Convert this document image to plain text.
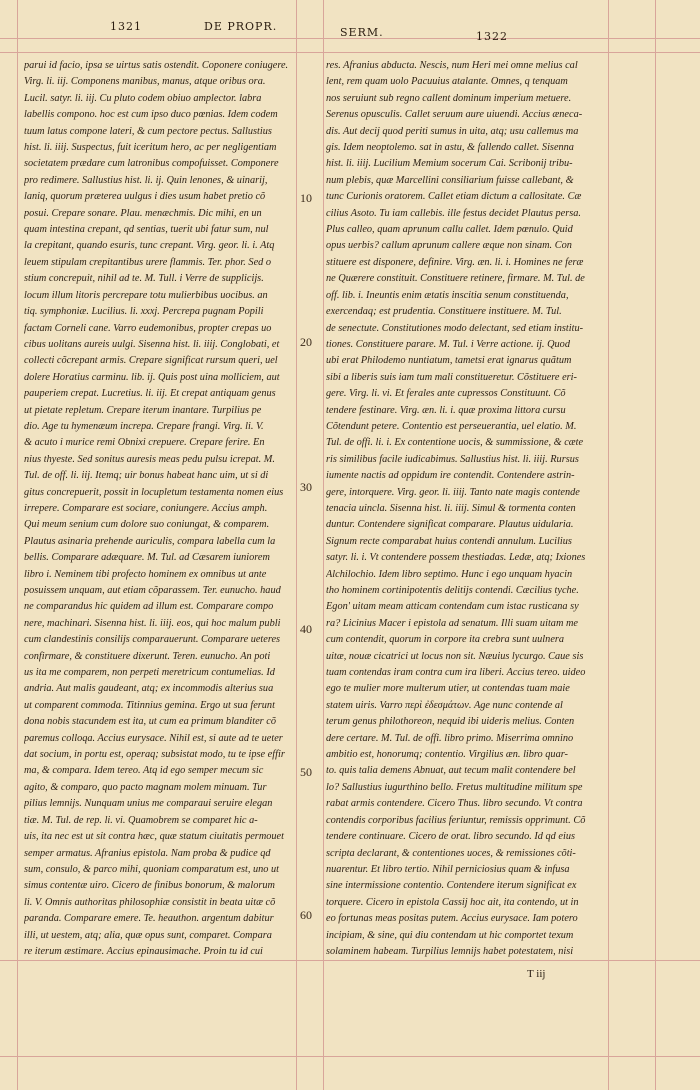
1321	DE PROPR.	SERM.	1322
10
20
30
40
50
60

parui id facio, ipsa se uirtus satis ostendit. Coponere coniugere.

Virg. li. iij. Componens manibus, manus, atque oribus ora.

Lucil. satyr. li. iij. Cu pluto codem obiuo amplector. labra

labellis compono. hoc est cum ipso duco pœnias. Idem codem

tuum latus compone lateri, & cum pectore pectus. Sallustius

hist. li. iiij. Suspectus, fuit iceritum hero, ac per negligentiam

societatem prædare cum latronibus compofuisset. Componere

pro redimere. Sallustius hist. li. ij. Quin lenones, & uinarij,

laniq, quorum præterea uulgus i dies usum habet pretio cõ

posui. Crepare sonare. Plau. menæchmis. Dic mihi, en un

quam intestina crepant, qd sentias, tuerit ubi fatur sum, nul

la crepitant, quando esuris, tunc crepant. Virg. geor. li. i. Atq

leuem stipulam crepitantibus urere flammis. Ter. phor. Sed o

stium concrepuit, nihil ad te. M. Tull. i Verre de supplicijs.

locum illum litoris percrepare totu mulierbibus uocibus. an

tiq. symphoniæ. Lucilius. li. xxxj. Percrepa pugnam Popili

factam Corneli cane. Varro eudemonibus, propter crepas uo

cibus uolitans aureis uulgi. Sisenna hist. li. iiij. Conglobati, et

collecti cõcrepant armis. Crepare significat rursum queri, uel

dolere Horatius carminu. lib. ij. Quis post uina molliciem, aut

pauperiem crepat. Lucretius. li. iij. Et crepat antiquam genus

ut pietate repletum. Crepare iterum inantare. Turpilius pe

dio. Age tu hymenæum increpa. Crepare frangi. Virg. li. V.

& acuto i murice remi Obnixi crepuere. Crepare ferire. En

nius thyeste. Sed sonitus auresis meas pedu pulsu icrepat. M.

Tul. de off. li. iij. Itemq; uir bonus habeat hanc uim, ut si di

gitus concrepuerit, possit in locupletum testamenta nomen eius

irrepere. Comparare est sociare, coniungere. Accius amph.

Qui meum senium cum dolore suo coniungat, & comparem.

Plautus asinaria prehende auriculis, compara labella cum la

bellis. Comparare adæquare. M. Tul. ad Cæsarem iuniorem

libro i. Neminem tibi profecto hominem ex omnibus ut ante

posuissem unquam, aut etiam cõparassem. Ter. eunucho. haud

ne comparandus hic quidem ad illum est. Comparare compo

nere, machinari. Sisenna hist. li. iiij. eos, qui hoc malum publi

cum clandestinis consilijs comparauerunt. Comparare ueteres

confirmare, & constituere dixerunt. Teren. eunucho. An poti

us ita me comparem, non perpeti meretricum contumelias. Id

andria. Aut malis gaudeant, atq; ex incommodis alterius sua

ut comparent commoda. Titinnius gemina. Ergo ut sua ferunt

dona nobis stacundem est ita, ut cum ea primum blanditer cõ

paremus colloqa. Accius eurysace. Nihil est, si aute ad te ueter

dat socium, in portu est, operaq; subsistat modo, tu te ipse effir

ma, & compara. Idem tereo. Atq id ego semper mecum sic

agito, & comparo, quo pacto magnam molem minuam. Tur

pilius lemnijs. Nunquam unius me comparaui seruire elegan

tiæ. M. Tul. de rep. li. vi. Quamobrem se comparet hic a-

uis, ita nec est ut sit contra hæc, quæ statum ciuitatis permouet

semper armatus. Afranius epistola. Nam proba & pudice qd

sum, consulo, & parco mihi, quoniam comparatum est, uno ut

simus contentæ uiro. Cicero de finibus bonorum, & malorum

li. V. Omnis authoritas philosophiæ consistit in beata uitæ cõ

paranda. Comparare emere. Te. heauthon. argentum dabitur

illi, ut uestem, atq; alia, quæ opus sunt, comparet. Compara

re iterum æstimare. Accius epinausimache. Proin tu id cui

res. Afranius abducta. Nescis, num Heri mei omne melius cal

lent, rem quam uolo Pacuuius atalante. Omnes, q tenquam

nos seruiunt sub regno callent dominum imperium metuere.

Serenus opusculis. Callet seruum aure uiuendi. Accius æneca-

dis. Aut decij quod periti sumus in uita, atq; usu callemus ma

gis. Idem neoptolemo. sat in astu, & fallendo callet. Sisenna

hist. li. iiij. Lucilium Memium socerum Cai. Scribonij tribu-

num plebis, quæ Marcellini consiliarium fuisse callebant, &

tunc Curionis oratorem. Callet etiam dictum a callositate. Cæ

cilius Asoto. Tu iam callebis. ille festus decidet Plautus persa.

Plus calleo, quam aprunum callu callet. Idem pœnulo. Quid

opus uerbis? callum aprunum callere æque non sinam. Con

stituere est disponere, definire. Virg. æn. li. i. Homines ne feræ

ne Quærere constituit. Constituere retinere, firmare. M. Tul. de

off. lib. i. Ineuntis enim ætatis inscitia senum constituenda,

exercendaq; est prudentia. Constituere instituere. M. Tul.

de senectute. Constitutiones modo delectant, sed etiam institu-

tiones. Constituere parare. M. Tul. i Verre actione. ij. Quod

ubi erat Philodemo nuntiatum, tametsi erat ignarus quãtum

sibi a liberis suis iam tum mali constitueretur. Cõstituere eri-

gere. Virg. li. vi. Et ferales ante cupressos Constituunt. Cõ

tendere festinare. Virg. æn. li. i. quæ proxima littora cursu

Cõtendunt petere. Contentio est perseuerantia, uel elatio. M.

Tul. de offi. li. i. Ex contentione uocis, & summissione, & cæte

ris similibus facile iudicabimus. Sallustius hist. li. iiij. Rursus

iumente nactis ad oppidum ire contendit. Contendere astrin-

gere, intorquere. Virg. geor. li. iiij. Tanto nate magis contende

tenacia uincla. Sisenna hist. li. iiij. Simul & tormenta conten

duntur. Contendere significat comparare. Plautus uidularia.

Signum recte comparabat huius contendi annulum. Lucilius

satyr. li. i. Vt contendere possem thestiadas. Ledæ, atq; Ixiones

Alchilochio. Idem libro septimo. Hunc i ego unquam hyacin

tho hominem cortinipotentis delitijs contendi. Cæcilius tyche.

Egon' uitam meam atticam contendam cum istac rusticana sy

ra? Licinius Macer i epistola ad senatum. Illi suam uitam me

cum contendit, quorum in corpore ita crebra sunt uulnera

uitæ, nouæ cicatrici ut locus non sit. Næuius lycurgo. Caue sis

tuam contendas iram contra cum ira liberi. Accius tereo. uideo

ego te mulier more multerum utier, ut contendas tuam maie

statem uiris. Varro περὶ ἐδεσμάτων. Age nunc contende al

terum genus philothoreon, nequid ibi uideris melius. Conten

dere certare. M. Tul. de offi. libro primo. Miserrima omnino

ambitio est, honorumq; contentio. Virgilius æn. libro quar-

to. quis talia demens Abnuat, aut tecum malit contendere bel

lo? Sallustius iugurthino bello. Fretus multitudine militum spe

rabat armis contendere. Cicero Thus. libro secundo. Vt contra

contendis corporibus facilius feriuntur, remissis opprimunt. Cõ

tendere continuare. Cicero de orat. libro secundo. Id qd eius

scripta declarant, & contentiones uoces, & remissiones cõti-

nuarentur. Et libro tertio. Nihil perniciosius quam & infusa

sine intermissione contentio. Contendere iterum significat ex

torquere. Cicero in epistola Cassij hoc ait, ita contendo, ut in

eo fortunas meas positas putem. Accius eurysace. Iam potero

incipiam, & sine, qui diu contendam ut hic comportet texum

solaminem habeam. Turpilius lemnijs habet potestatem, nisi

T iij
